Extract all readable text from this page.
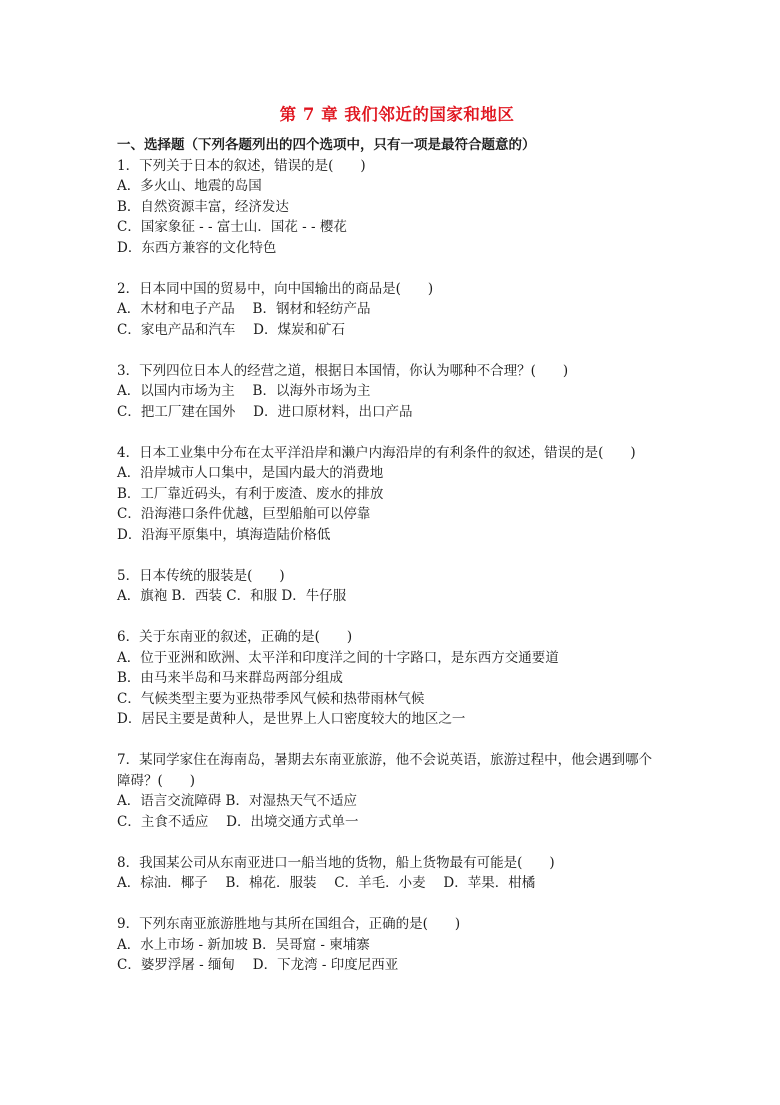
第 7 章 我们邻近的国家和地区
一、选择题（下列各题列出的四个选项中，只有一项是最符合题意的）
1．下列关于日本的叙述，错误的是(　　)
A．多火山、地震的岛国
B．自然资源丰富，经济发达
C．国家象征 - - 富士山．国花 - - 樱花
D．东西方兼容的文化特色
2．日本同中国的贸易中，向中国输出的商品是(　　)
A．木材和电子产品　 B．钢材和轻纺产品
C．家电产品和汽车　 D．煤炭和矿石
3．下列四位日本人的经营之道，根据日本国情，你认为哪种不合理？(　　)
A．以国内市场为主　 B．以海外市场为主
C．把工厂建在国外　 D．进口原材料，出口产品
4．日本工业集中分布在太平洋沿岸和濑户内海沿岸的有利条件的叙述，错误的是(　　)
A．沿岸城市人口集中，是国内最大的消费地
B．工厂靠近码头，有利于废渣、废水的排放
C．沿海港口条件优越，巨型船舶可以停靠
D．沿海平原集中，填海造陆价格低
5．日本传统的服装是(　　)
A．旗袍 B．西装 C．和服 D．牛仔服
6．关于东南亚的叙述，正确的是(　　)
A．位于亚洲和欧洲、太平洋和印度洋之间的十字路口，是东西方交通要道
B．由马来半岛和马来群岛两部分组成
C．气候类型主要为亚热带季风气候和热带雨林气候
D．居民主要是黄种人，是世界上人口密度较大的地区之一
7．某同学家住在海南岛，暑期去东南亚旅游，他不会说英语，旅游过程中，他会遇到哪个
障碍？(　　)
A．语言交流障碍 B．对湿热天气不适应
C．主食不适应　 D．出境交通方式单一
8．我国某公司从东南亚进口一船当地的货物，船上货物最有可能是(　　)
A．棕油．椰子　 B．棉花．服装　 C．羊毛．小麦　 D．苹果．柑橘
9．下列东南亚旅游胜地与其所在国组合，正确的是(　　)
A．水上市场 - 新加坡 B．吴哥窟 - 柬埔寨
C．婆罗浮屠 - 缅甸　 D．下龙湾 - 印度尼西亚
